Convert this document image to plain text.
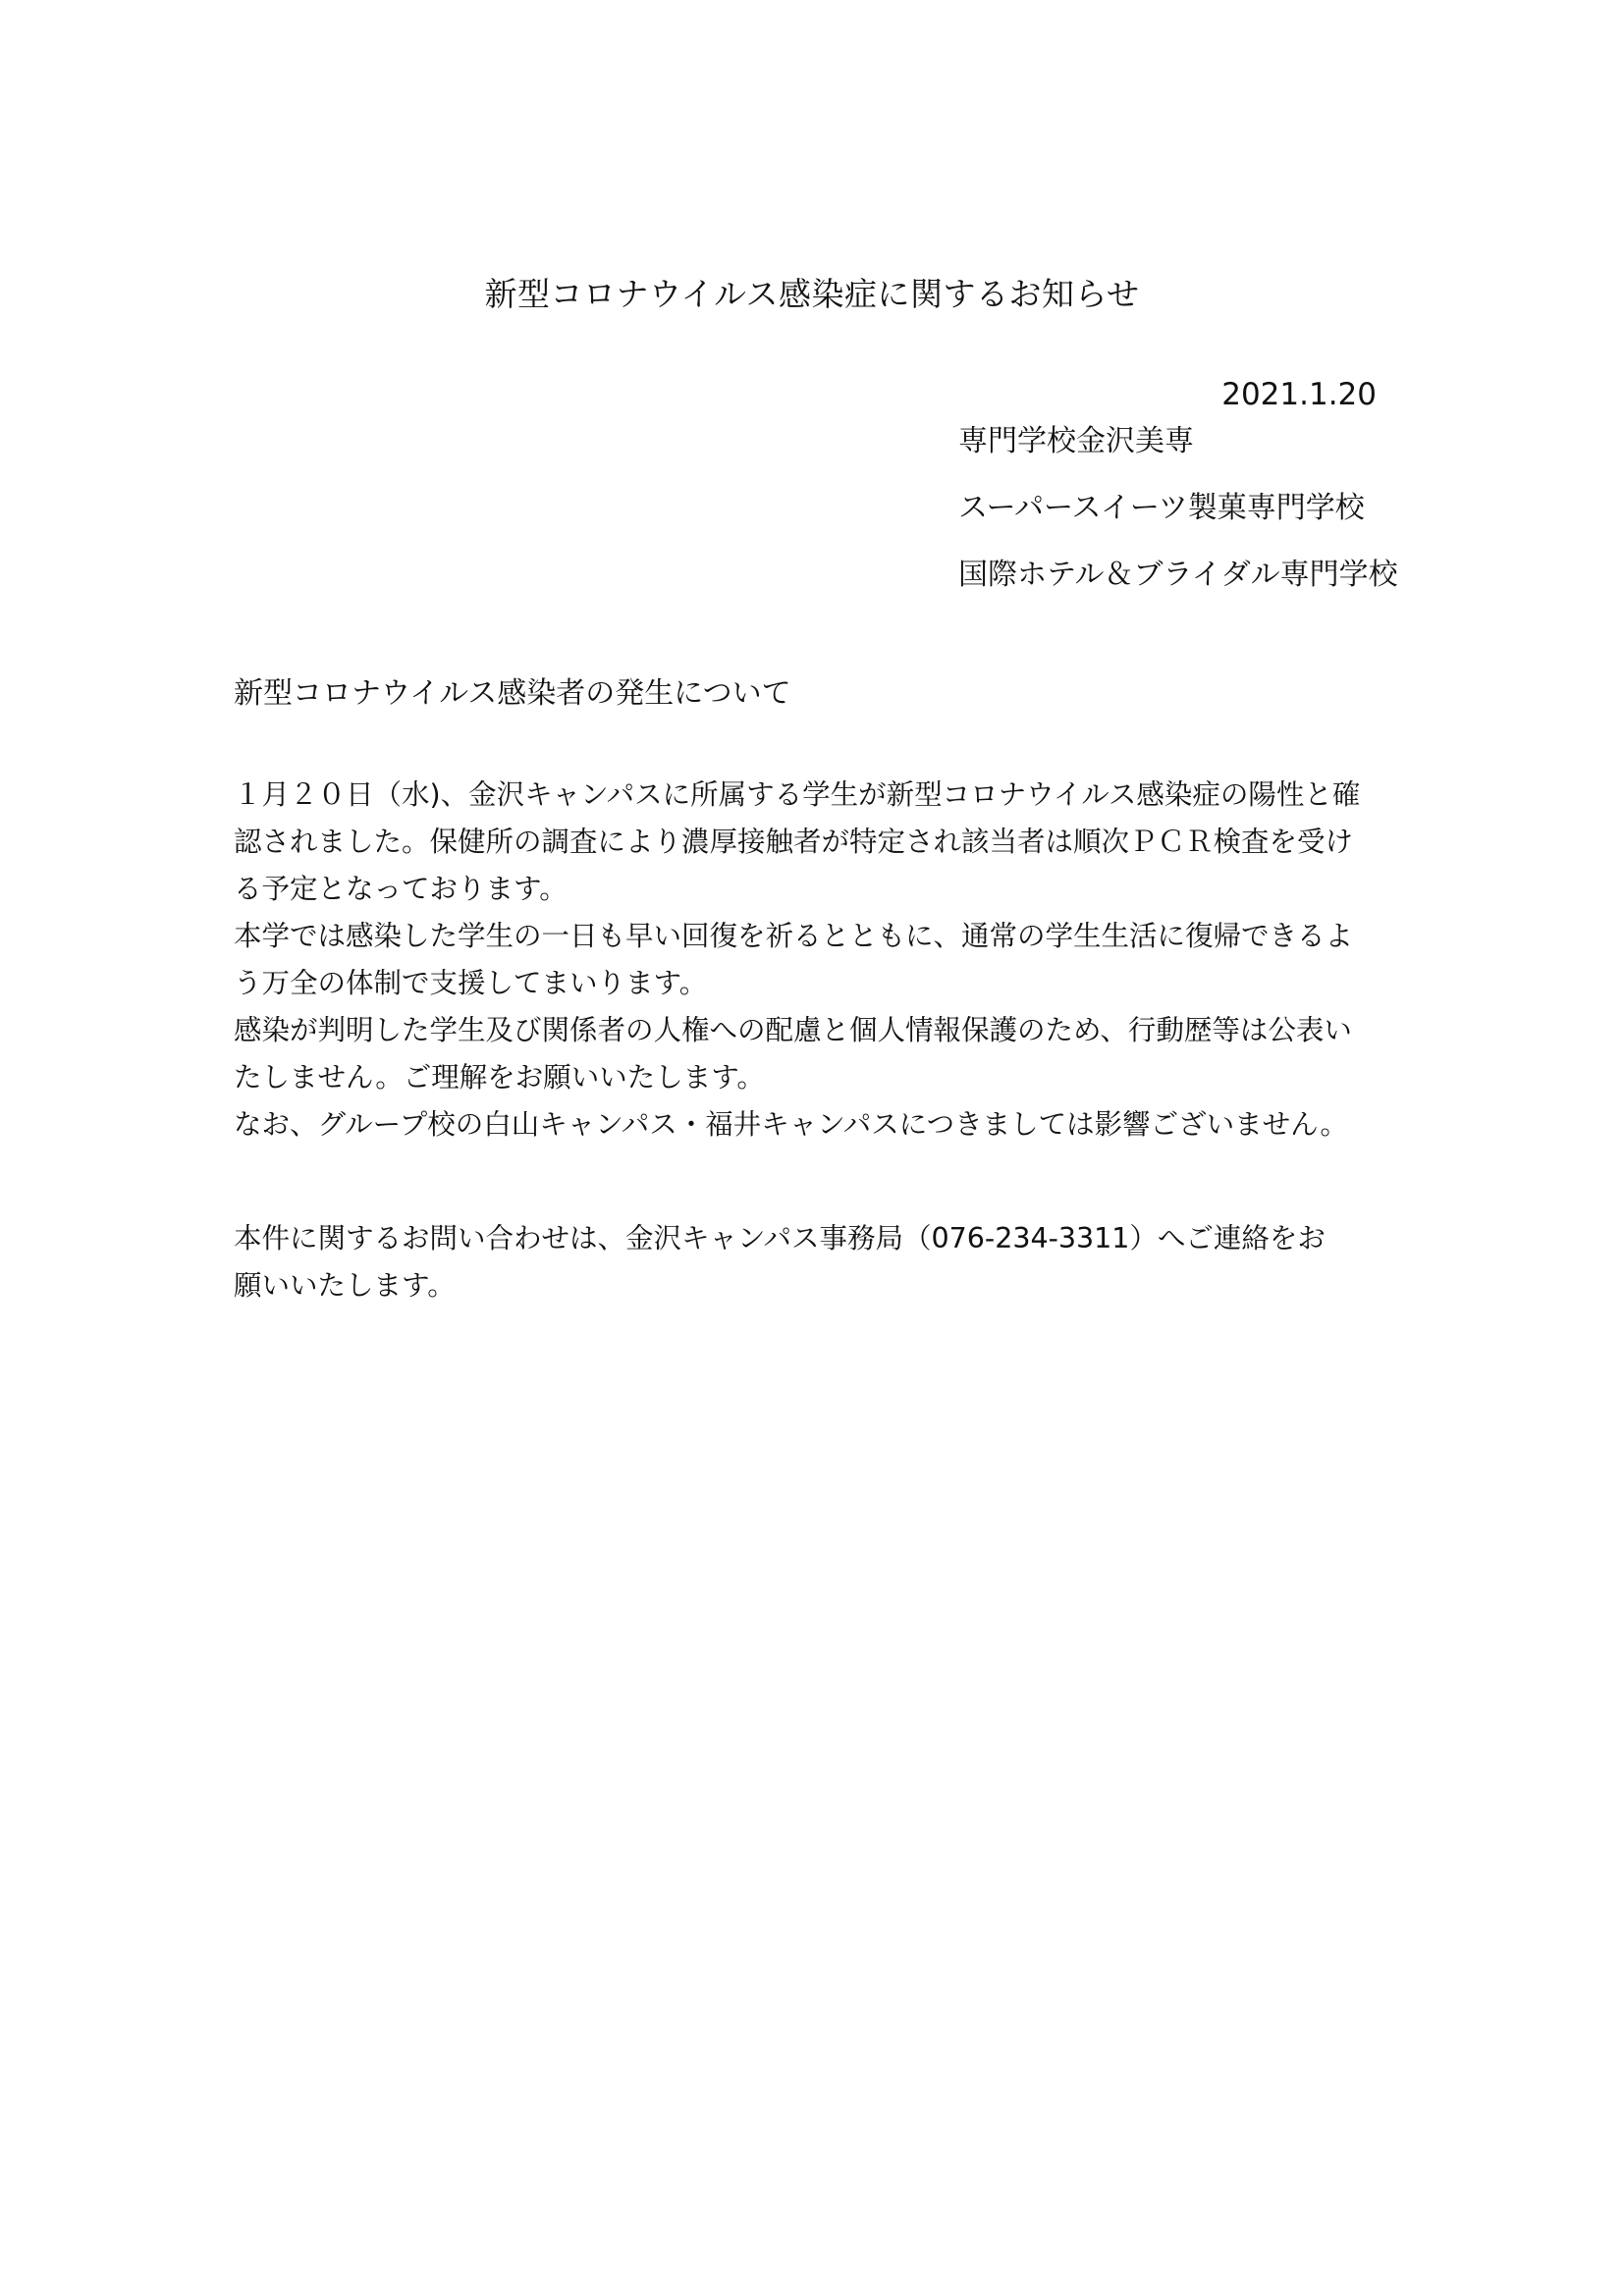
新型コロナウイルス感染症に関するお知らせ
2021.1.20
専門学校金沢美専
スーパースイーツ製菓専門学校
国際ホテル＆ブライダル専門学校
新型コロナウイルス感染者の発生について
１月２０日（水)、金沢キャンパスに所属する学生が新型コロナウイルス感染症の陽性と確
認されました。保健所の調査により濃厚接触者が特定され該当者は順次ＰＣＲ検査を受け
る予定となっております。
本学では感染した学生の一日も早い回復を祈るとともに、通常の学生生活に復帰できるよ
う万全の体制で支援してまいります。
感染が判明した学生及び関係者の人権への配慮と個人情報保護のため、行動歴等は公表い
たしません。ご理解をお願いいたします。
なお、グループ校の白山キャンパス・福井キャンパスにつきましては影響ございません。
本件に関するお問い合わせは、金沢キャンパス事務局（076-234-3311）へご連絡をお
願いいたします。
